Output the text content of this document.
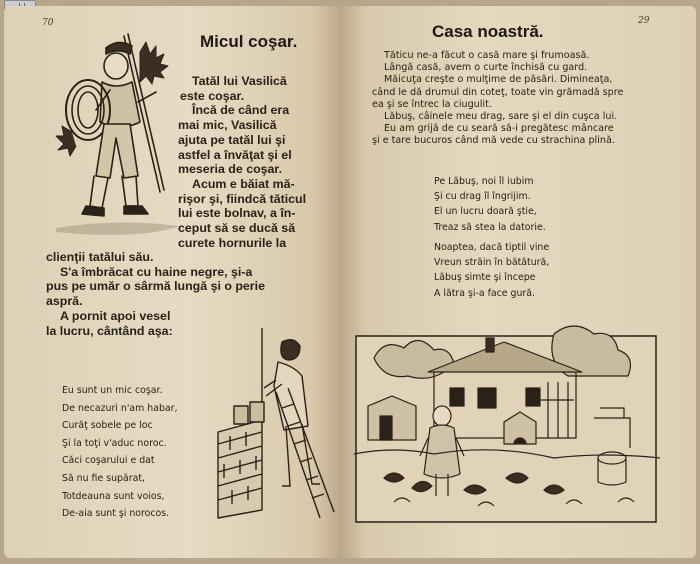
70
Micul coşar.
Tatăl lui Vasilică
este coşar.
Încă de când era
mai mic, Vasilică
ajuta pe tatăl lui şi
astfel a învăţat şi el
meseria de coşar.
Acum e băiat mă-
rişor şi, fiindcă tăticul
lui este bolnav, a în-
ceput să se ducă să
curete hornurile la
clienţii tatălui său.
S'a îmbrăcat cu haine negre, şi-a
pus pe umăr o sârmă lungă şi o perie
aspră.
A pornit apoi vesel
la lucru, cântând aşa:
Eu sunt un mic coşar.
De necazuri n'am habar,
Curăţ sobele pe loc
Şi la toţi v'aduc noroc.
Căci coşarului e dat
Să nu fie supărat,
Totdeauna sunt voios,
De-aia sunt şi norocos.
29
Casa noastră.
Tăticu ne-a făcut o casă mare şi frumoasă.
Lângă casă, avem o curte închisă cu gard.
Măicuţa creşte o mulţime de păsări. Dimineaţa,
când le dă drumul din coteţ, toate vin grămadă spre
ea şi se întrec la ciugulit.
Lăbuş, câinele meu drag, sare şi el din cuşca lui.
Eu am grijă de cu seară să-i pregătesc mâncare
şi e tare bucuros când mă vede cu strachina plină.
Pe Lăbuş, noi îl iubim
Şi cu drag îl îngrijim.
El un lucru doară ştie,
Treaz să stea la datorie.
Noaptea, dacă tiptil vine
Vreun străin în bătătură,
Lăbuş simte şi începe
A lătra şi-a face gură.
